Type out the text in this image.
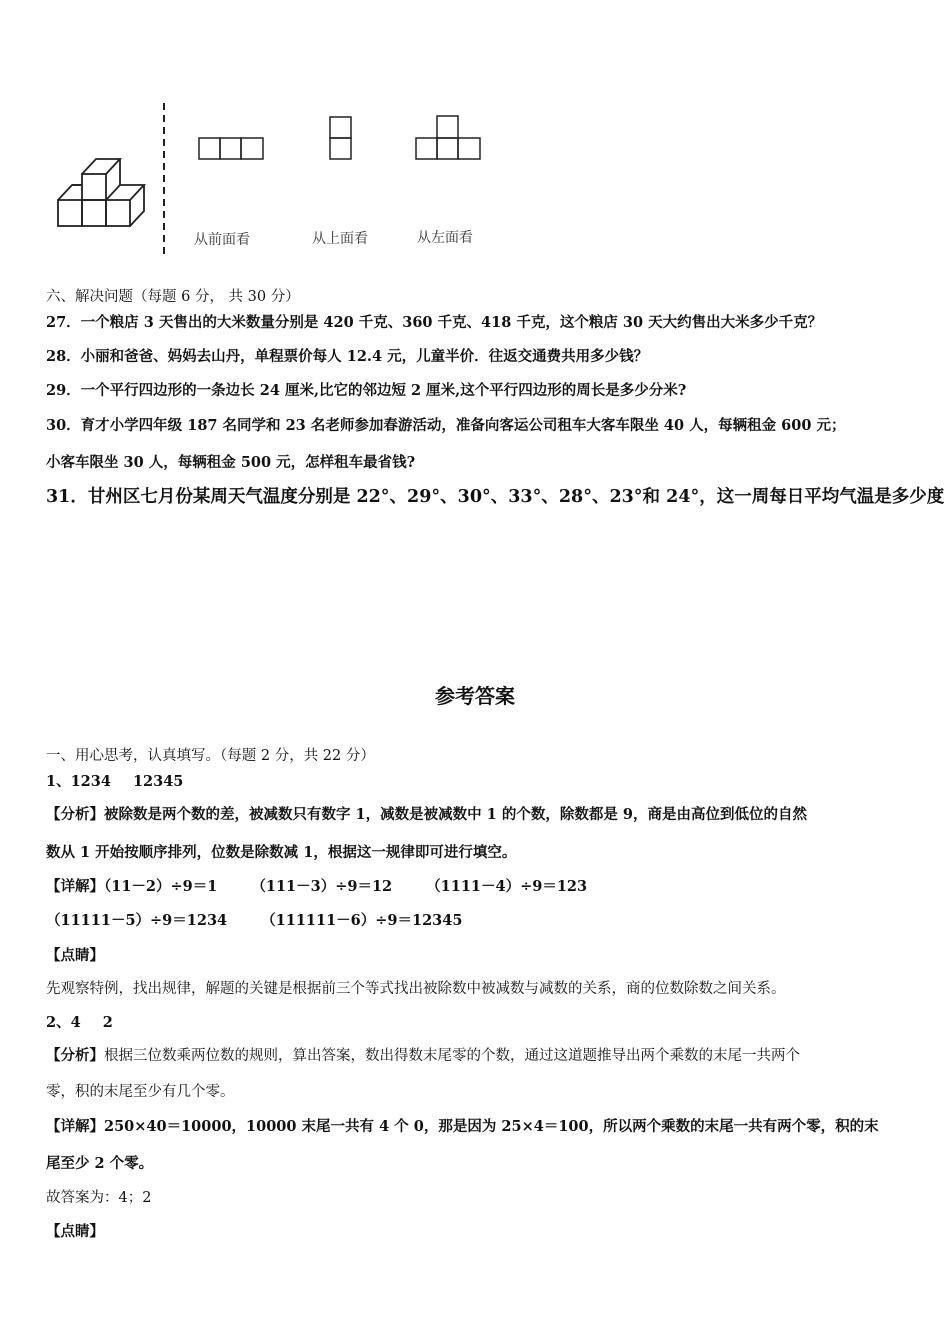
从前面看	从上面看	从左面看
六、解决问题（每题 6 分， 共 30 分）
27．一个粮店 3 天售出的大米数量分别是 420 千克、360 千克、418 千克，这个粮店 30 天大约售出大米多少千克？
28．小丽和爸爸、妈妈去山丹，单程票价每人 12.4 元，儿童半价．往返交通费共用多少钱？
29．一个平行四边形的一条边长 24 厘米,比它的邻边短 2 厘米,这个平行四边形的周长是多少分米?
30．育才小学四年级 187 名同学和 23 名老师参加春游活动，准备向客运公司租车大客车限坐 40 人，每辆租金 600 元；
小客车限坐 30 人，每辆租金 500 元，怎样租车最省钱?
31．甘州区七月份某周天气温度分别是 22°、29°、30°、33°、28°、23°和 24°，这一周每日平均气温是多少度
参考答案
一、用心思考，认真填写。（每题 2 分，共 22 分）
1、1234 12345
【分析】被除数是两个数的差，被减数只有数字 1，减数是被减数中 1 的个数，除数都是 9，商是由高位到低位的自然
数从 1 开始按顺序排列，位数是除数减 1，根据这一规律即可进行填空。
【详解】（11－2）÷9＝1 （111－3）÷9＝12 （1111－4）÷9＝123
（11111－5）÷9＝1234 （111111－6）÷9＝12345
【点睛】
先观察特例，找出规律，解题的关键是根据前三个等式找出被除数中被减数与减数的关系，商的位数除数之间关系。
2、4 2
【分析】根据三位数乘两位数的规则，算出答案，数出得数末尾零的个数，通过这道题推导出两个乘数的末尾一共两个
零，积的末尾至少有几个零。
【详解】250×40＝10000，10000 末尾一共有 4 个 0，那是因为 25×4＝100，所以两个乘数的末尾一共有两个零，积的末
尾至少 2 个零。
故答案为：4；2
【点睛】
